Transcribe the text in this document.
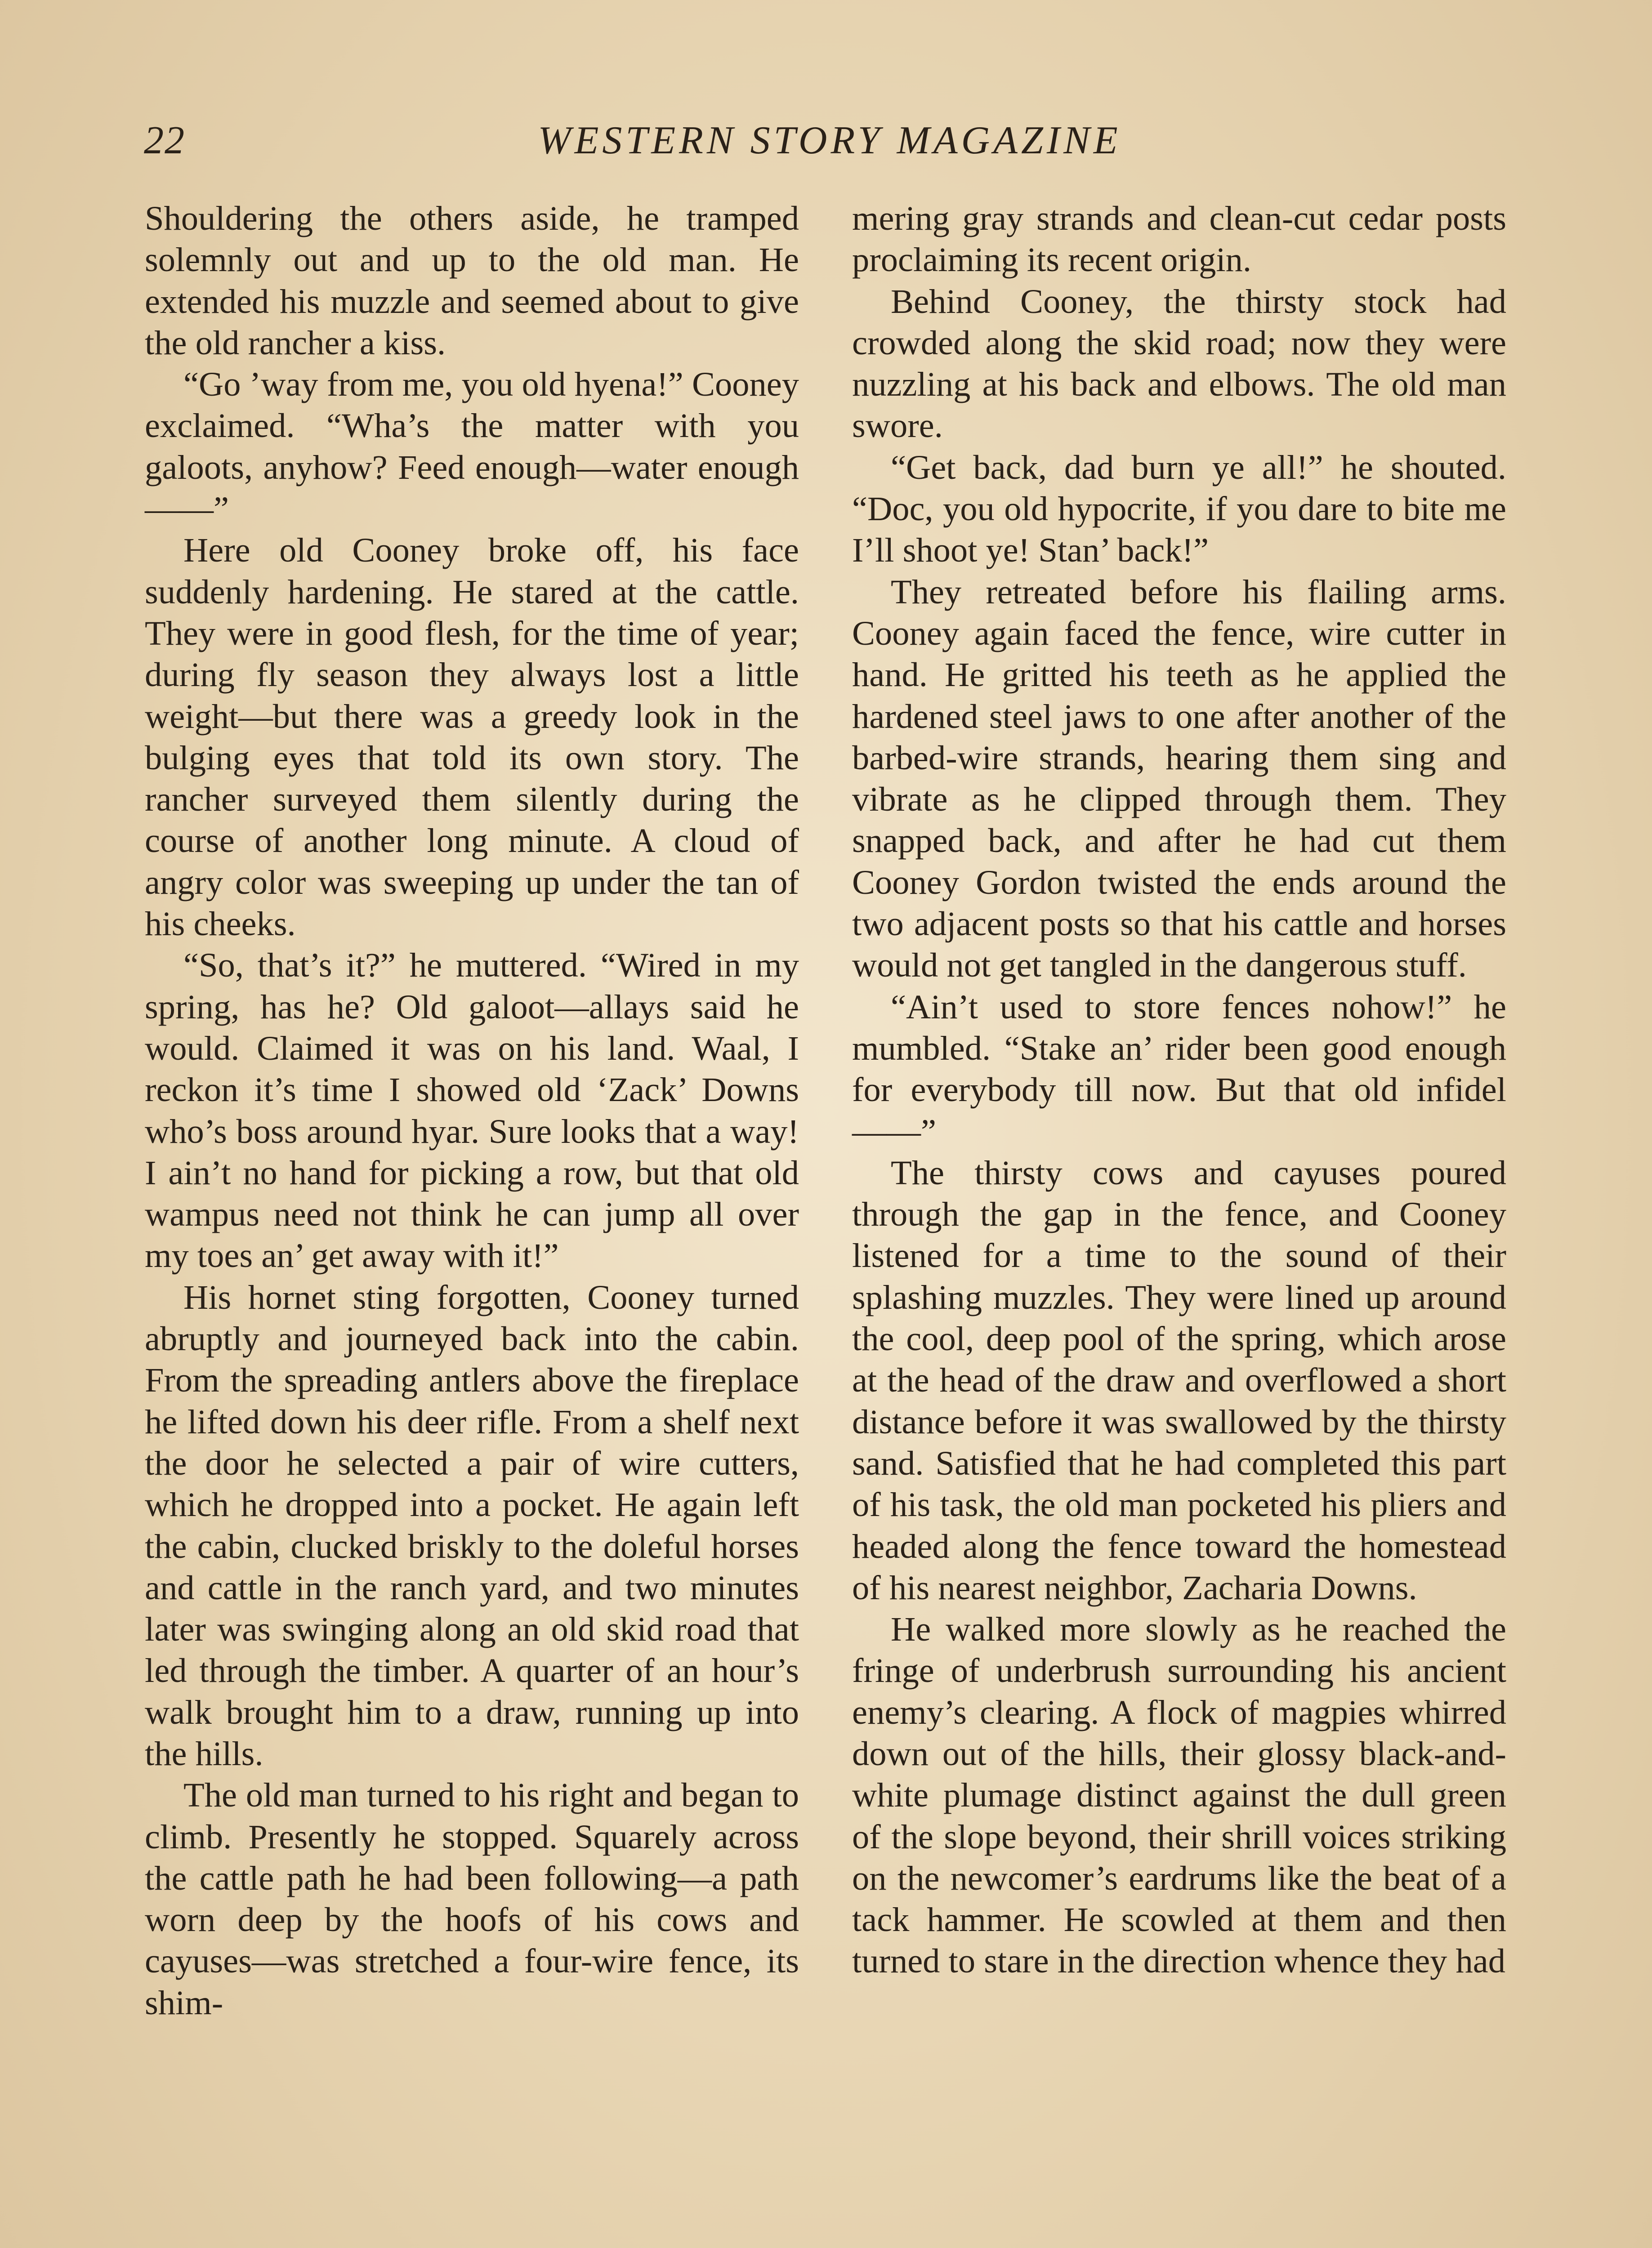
22	WESTERN STORY MAGAZINE

Shouldering the others aside, he tramped solemnly out and up to the old man. He extended his muzzle and seemed about to give the old rancher a kiss.

“Go ’way from me, you old hyena!” Cooney exclaimed. “Wha’s the matter with you galoots, anyhow? Feed enough—water enough——”

Here old Cooney broke off, his face suddenly hardening. He stared at the cattle. They were in good flesh, for the time of year; during fly season they always lost a little weight—but there was a greedy look in the bulging eyes that told its own story. The rancher surveyed them silently during the course of another long minute. A cloud of angry color was sweeping up under the tan of his cheeks.

“So, that’s it?” he muttered. “Wired in my spring, has he? Old galoot—allays said he would. Claimed it was on his land. Waal, I reckon it’s time I showed old ‘Zack’ Downs who’s boss around hyar. Sure looks that a way! I ain’t no hand for picking a row, but that old wampus need not think he can jump all over my toes an’ get away with it!”

His hornet sting forgotten, Cooney turned abruptly and journeyed back into the cabin. From the spreading antlers above the fireplace he lifted down his deer rifle. From a shelf next the door he selected a pair of wire cutters, which he dropped into a pocket. He again left the cabin, clucked briskly to the doleful horses and cattle in the ranch yard, and two minutes later was swinging along an old skid road that led through the timber. A quarter of an hour’s walk brought him to a draw, running up into the hills.

The old man turned to his right and began to climb. Presently he stopped. Squarely across the cattle path he had been following—a path worn deep by the hoofs of his cows and cayuses—was stretched a four-wire fence, its shim-

mering gray strands and clean-cut cedar posts proclaiming its recent origin.

Behind Cooney, the thirsty stock had crowded along the skid road; now they were nuzzling at his back and elbows. The old man swore.

“Get back, dad burn ye all!” he shouted. “Doc, you old hypocrite, if you dare to bite me I’ll shoot ye! Stan’ back!”

They retreated before his flailing arms. Cooney again faced the fence, wire cutter in hand. He gritted his teeth as he applied the hardened steel jaws to one after another of the barbed-wire strands, hearing them sing and vibrate as he clipped through them. They snapped back, and after he had cut them Cooney Gordon twisted the ends around the two adjacent posts so that his cattle and horses would not get tangled in the dangerous stuff.

“Ain’t used to store fences nohow!” he mumbled. “Stake an’ rider been good enough for everybody till now. But that old infidel——”

The thirsty cows and cayuses poured through the gap in the fence, and Cooney listened for a time to the sound of their splashing muzzles. They were lined up around the cool, deep pool of the spring, which arose at the head of the draw and overflowed a short distance before it was swallowed by the thirsty sand. Satisfied that he had completed this part of his task, the old man pocketed his pliers and headed along the fence toward the homestead of his nearest neighbor, Zacharia Downs.

He walked more slowly as he reached the fringe of underbrush surrounding his ancient enemy’s clearing. A flock of magpies whirred down out of the hills, their glossy black-and-white plumage distinct against the dull green of the slope beyond, their shrill voices striking on the newcomer’s eardrums like the beat of a tack hammer. He scowled at them and then turned to stare in the direction whence they had
